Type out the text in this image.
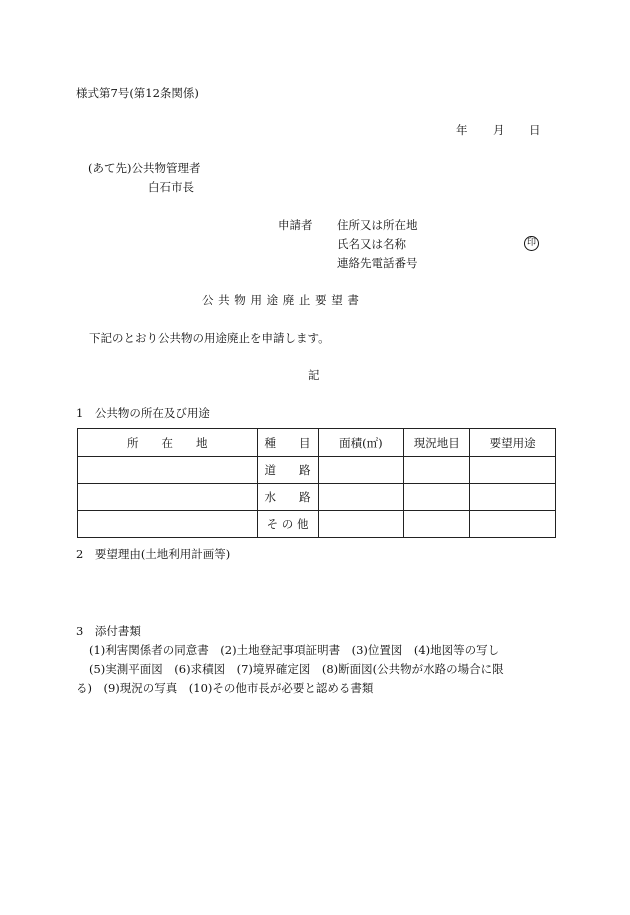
様式第7号(第12条関係)
年 月 日
(あて先)公共物管理者
白石市長
申請者 住所又は所在地
氏名又は名称	印
連絡先電話番号
公 共 物 用 途 廃 止 要 望 書
下記のとおり公共物の用途廃止を申請します。
記
1　公共物の所在及び用途
所　　在　　地	種　　目	面積(㎡)	現況地目	要望用途
	道　　路			
	水　　路			
	そ の 他			
2　要望理由(土地利用計画等)
3　添付書類
(1)利害関係者の同意書　(2)土地登記事項証明書　(3)位置図　(4)地図等の写し
(5)実測平面図　(6)求積図　(7)境界確定図　(8)断面図(公共物が水路の場合に限
る)　(9)現況の写真　(10)その他市長が必要と認める書類
